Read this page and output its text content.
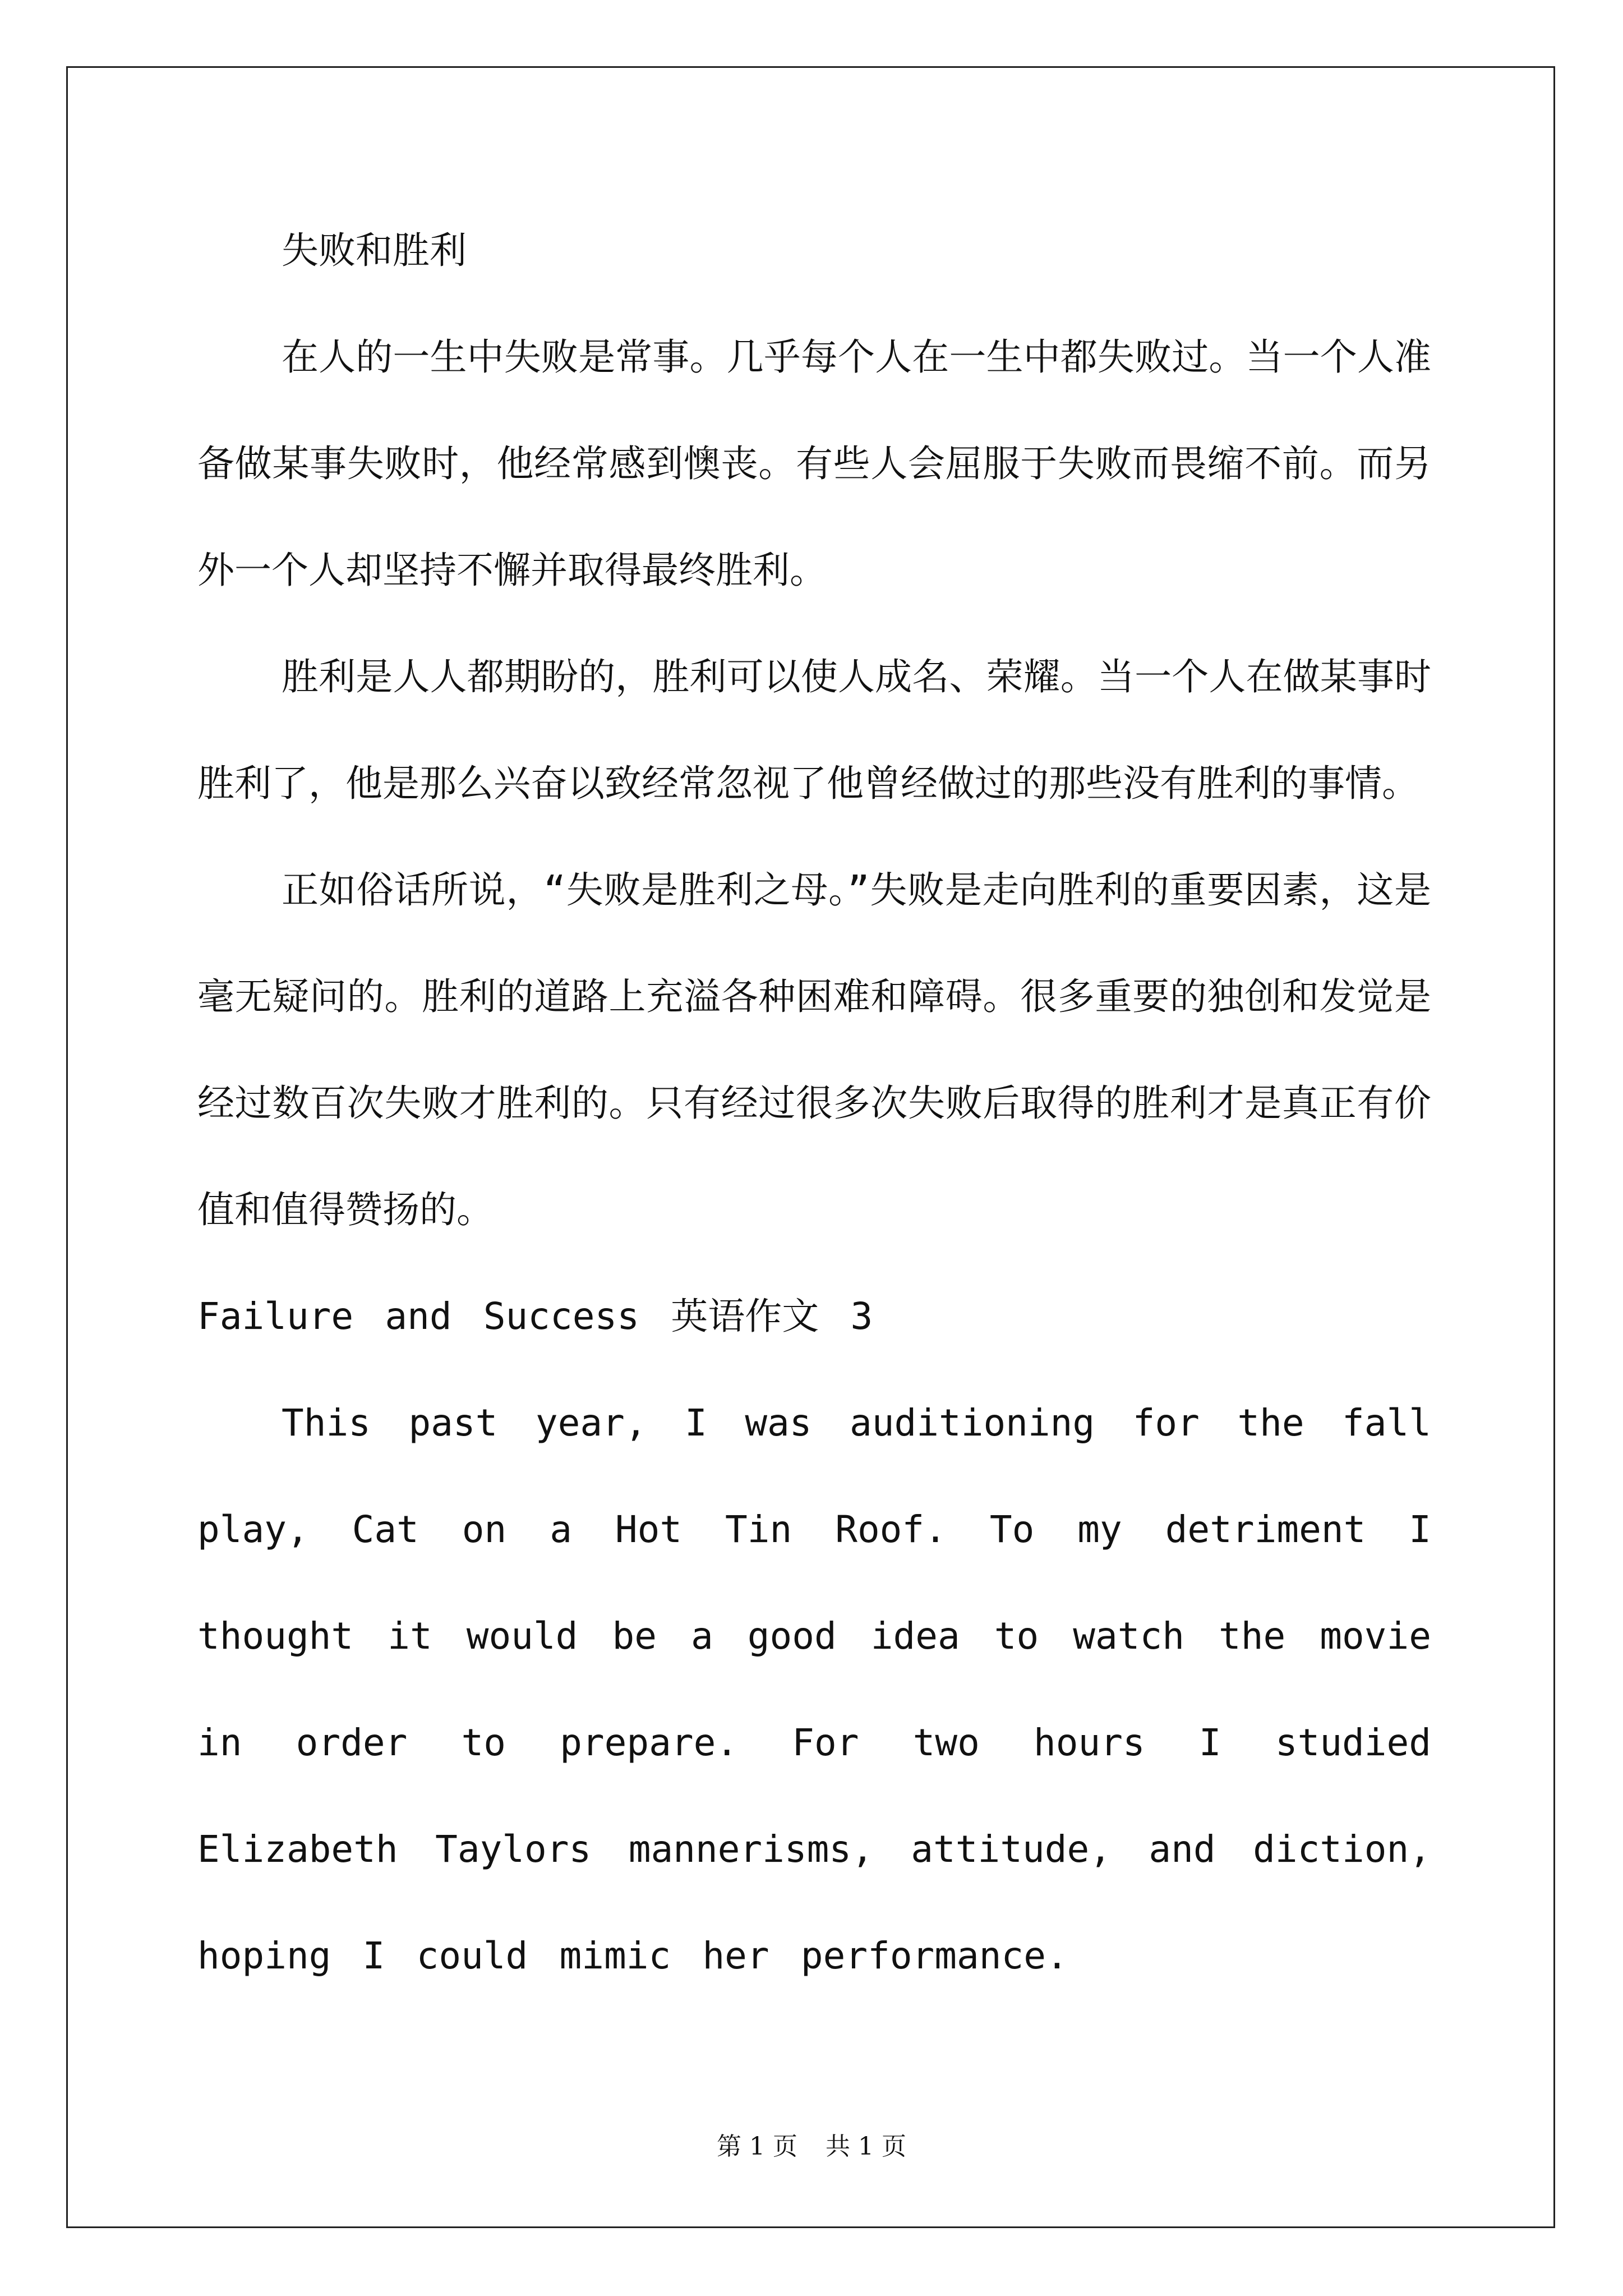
失败和胜利

在人的一生中失败是常事。几乎每个人在一生中都失败过。当一个人准备做某事失败时，他经常感到懊丧。有些人会屈服于失败而畏缩不前。而另外一个人却坚持不懈并取得最终胜利。

胜利是人人都期盼的，胜利可以使人成名、荣耀。当一个人在做某事时胜利了，他是那么兴奋以致经常忽视了他曾经做过的那些没有胜利的事情。

正如俗话所说，“失败是胜利之母。”失败是走向胜利的重要因素，这是毫无疑问的。胜利的道路上充溢各种困难和障碍。很多重要的独创和发觉是经过数百次失败才胜利的。只有经过很多次失败后取得的胜利才是真正有价值和值得赞扬的。

Failure and Success 英语作文 3

This past year, I was auditioning for the fall play, Cat on a Hot Tin Roof. To my detriment I thought it would be a good idea to watch the movie in order to prepare. For two hours I studied Elizabeth Taylors mannerisms, attitude, and diction, hoping I could mimic her performance.

第 1 页 共 1 页
